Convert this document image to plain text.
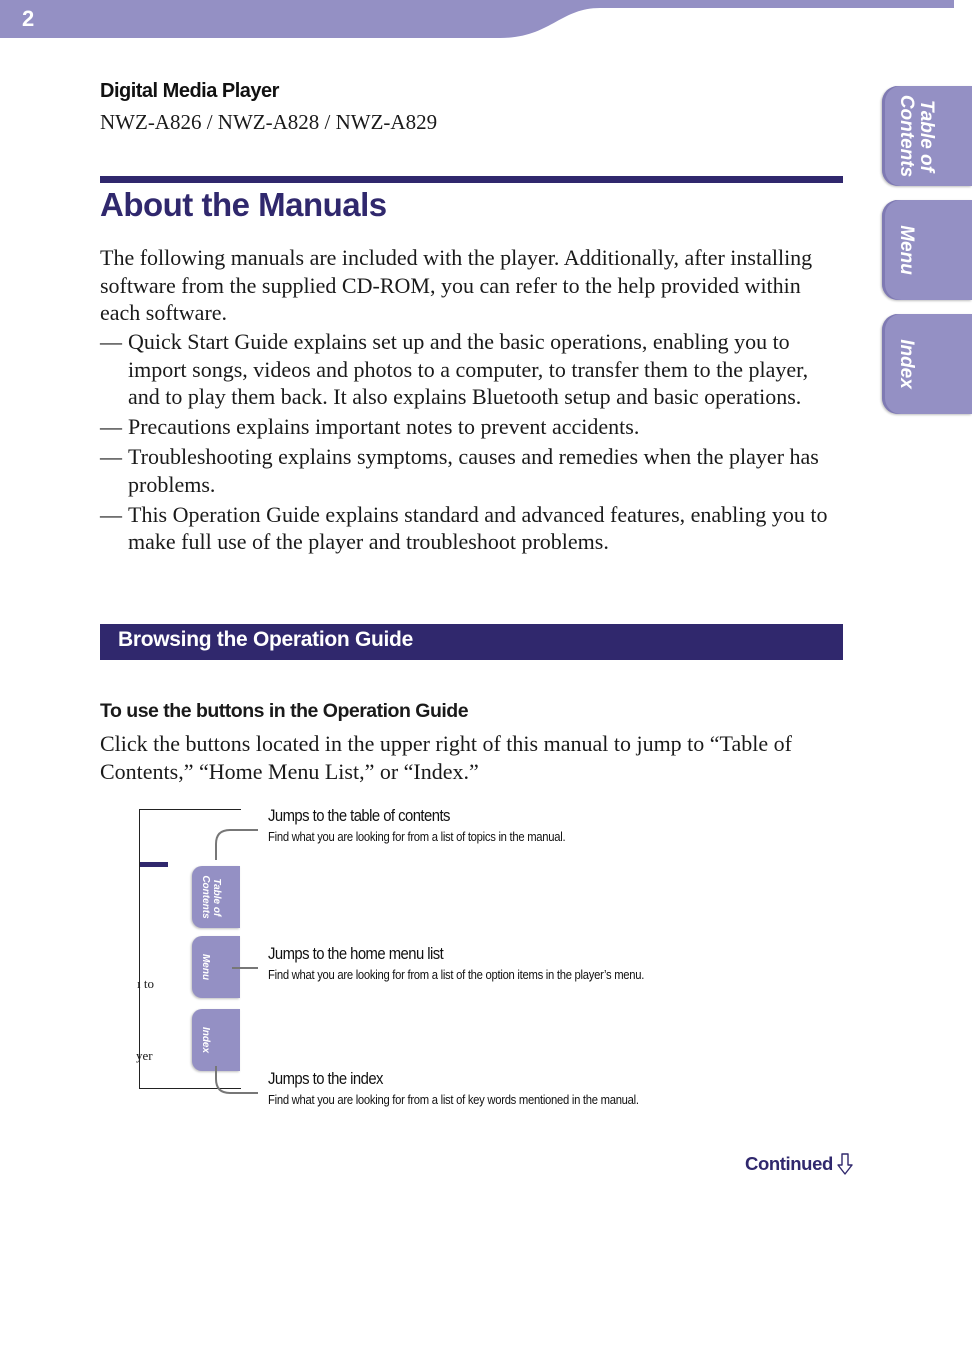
2
Table of
Contents
Menu
Index
Digital Media Player
NWZ-A826 / NWZ-A828 / NWZ-A829
About the Manuals
The following manuals are included with the player. Additionally, after installing software from the supplied CD-ROM, you can refer to the help provided within each software.
— Quick Start Guide explains set up and the basic operations, enabling you to import songs, videos and photos to a computer, to transfer them to the player, and to play them back. It also explains Bluetooth setup and basic operations.
— Precautions explains important notes to prevent accidents.
— Troubleshooting explains symptoms, causes and remedies when the player has problems.
— This Operation Guide explains standard and advanced features, enabling you to make full use of the player and troubleshoot problems.
Browsing the Operation Guide
To use the buttons in the Operation Guide
Click the buttons located in the upper right of this manual to jump to “Table of Contents,” “Home Menu List,” or “Index.”
ı to
yer
Table of
Contents
Menu
Index
Jumps to the table of contents
Find what you are looking for from a list of topics in the manual.
Jumps to the home menu list
Find what you are looking for from a list of the option items in the player’s menu.
Jumps to the index
Find what you are looking for from a list of key words mentioned in the manual.
Continued
